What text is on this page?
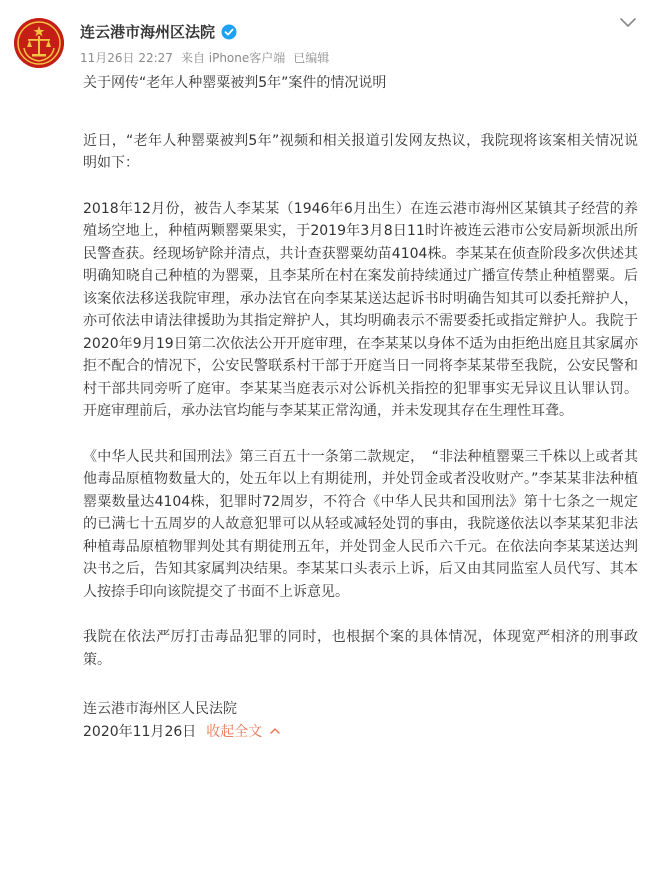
连云港市海州区法院
11月26日 22:27 来自 iPhone客户端 已编辑

关于网传“老年人种罂粟被判5年”案件的情况说明

近日，“老年人种罂粟被判5年”视频和相关报道引发网友热议，我院现将该案相关情况说明如下：

2018年12月份，被告人李某某（1946年6月出生）在连云港市海州区某镇其子经营的养殖场空地上，种植两颗罂粟果实，于2019年3月8日11时许被连云港市公安局新坝派出所民警查获。经现场铲除并清点，共计查获罂粟幼苗4104株。李某某在侦查阶段多次供述其明确知晓自己种植的为罂粟，且李某所在村在案发前持续通过广播宣传禁止种植罂粟。后该案依法移送我院审理，承办法官在向李某某送达起诉书时明确告知其可以委托辩护人，亦可依法申请法律援助为其指定辩护人，其均明确表示不需要委托或指定辩护人。我院于2020年9月19日第二次依法公开开庭审理，在李某某以身体不适为由拒绝出庭且其家属亦拒不配合的情况下，公安民警联系村干部于开庭当日一同将李某某带至我院，公安民警和村干部共同旁听了庭审。李某某当庭表示对公诉机关指控的犯罪事实无异议且认罪认罚。开庭审理前后，承办法官均能与李某某正常沟通，并未发现其存在生理性耳聋。

《中华人民共和国刑法》第三百五十一条第二款规定，　“非法种植罂粟三千株以上或者其他毒品原植物数量大的，处五年以上有期徒刑，并处罚金或者没收财产。”李某某非法种植罂粟数量达4104株，犯罪时72周岁，不符合《中华人民共和国刑法》第十七条之一规定的已满七十五周岁的人故意犯罪可以从轻或减轻处罚的事由，我院遂依法以李某某犯非法种植毒品原植物罪判处其有期徒刑五年，并处罚金人民币六千元。在依法向李某某送达判决书之后，告知其家属判决结果。李某某口头表示上诉，后又由其同监室人员代写、其本人按捺手印向该院提交了书面不上诉意见。

我院在依法严厉打击毒品犯罪的同时，也根据个案的具体情况，体现宽严相济的刑事政策。

连云港市海州区人民法院

2020年11月26日 收起全文
